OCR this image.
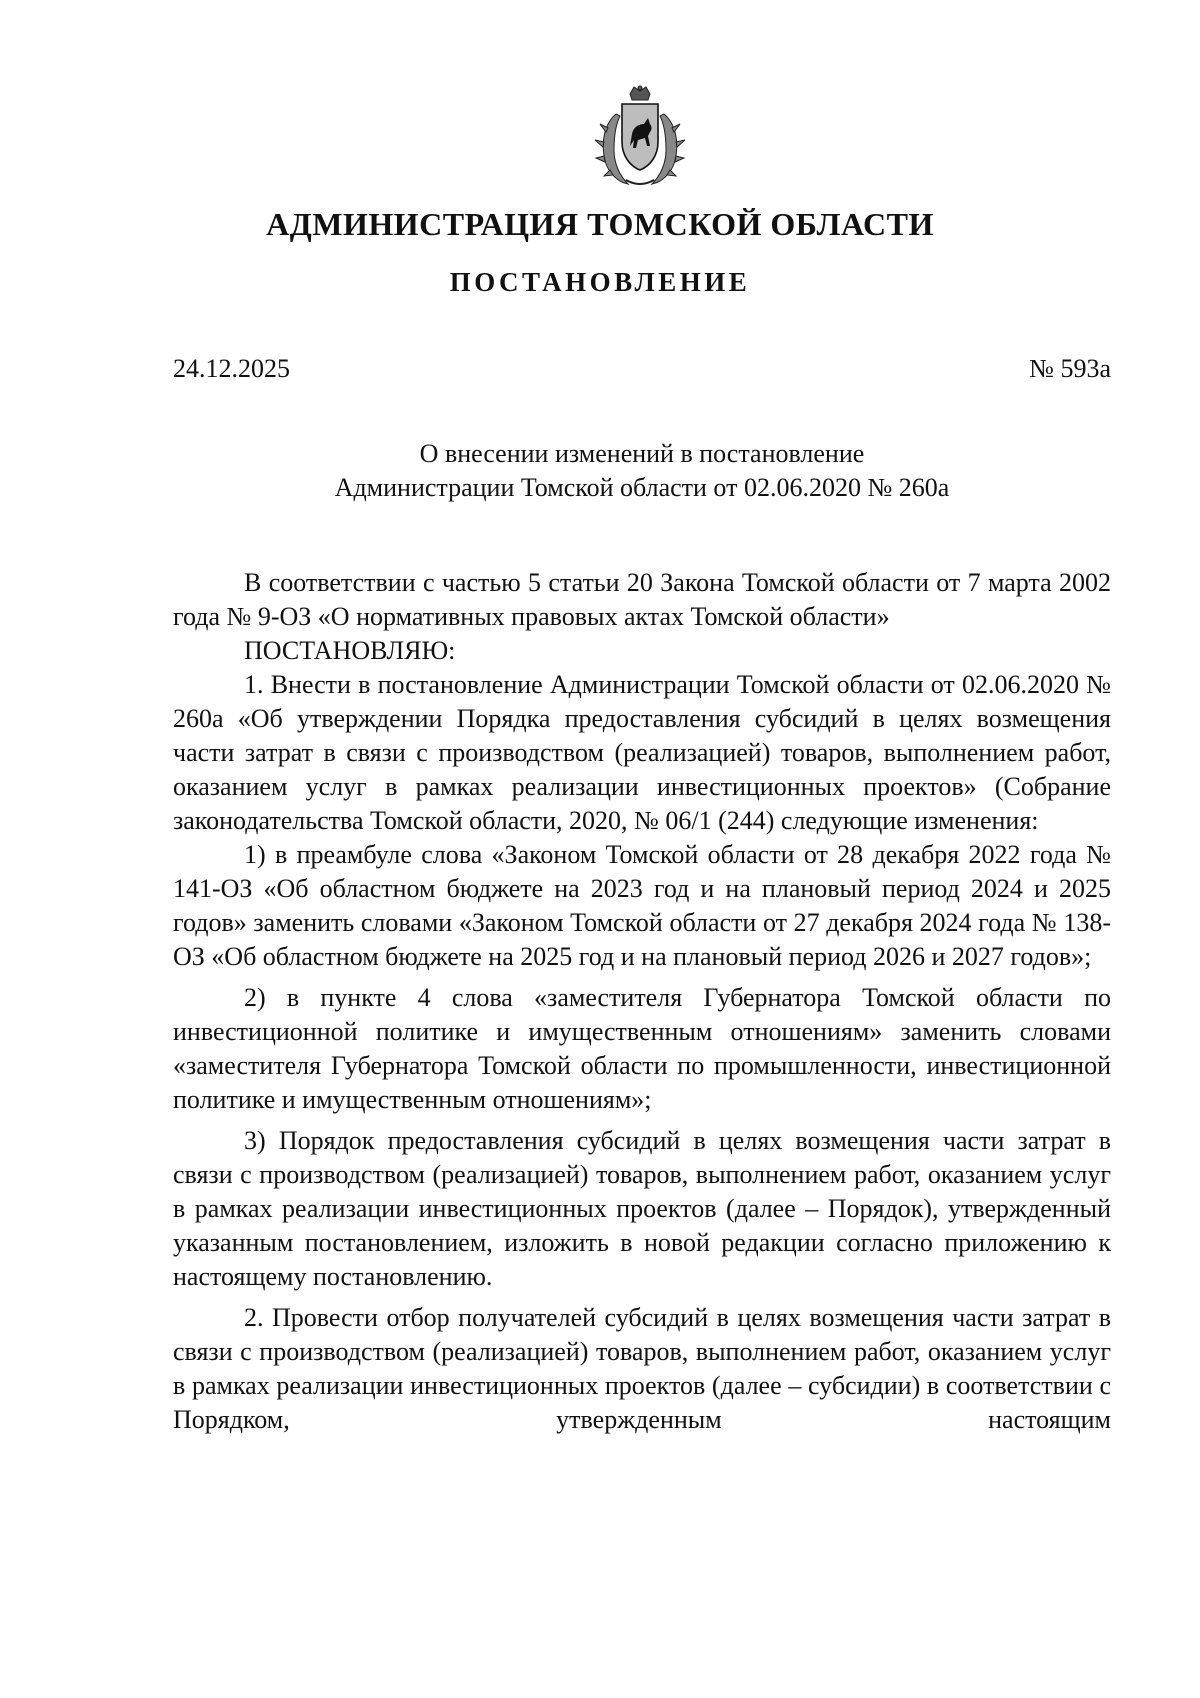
АДМИНИСТРАЦИЯ ТОМСКОЙ ОБЛАСТИ
ПОСТАНОВЛЕНИЕ
24.12.2025	№ 593а
О внесении изменений в постановление
Администрации Томской области от 02.06.2020 № 260а

В соответствии с частью 5 статьи 20 Закона Томской области от 7 марта 2002 года № 9-ОЗ «О нормативных правовых актах Томской области»

ПОСТАНОВЛЯЮ:

1. Внести в постановление Администрации Томской области от 02.06.2020 № 260а «Об утверждении Порядка предоставления субсидий в целях возмещения части затрат в связи с производством (реализацией) товаров, выполнением работ, оказанием услуг в рамках реализации инвестиционных проектов» (Собрание законодательства Томской области, 2020, № 06/1 (244) следующие изменения:

1) в преамбуле слова «Законом Томской области от 28 декабря 2022 года № 141-ОЗ «Об областном бюджете на 2023 год и на плановый период 2024 и 2025 годов» заменить словами «Законом Томской области от 27 декабря 2024 года № 138-ОЗ «Об областном бюджете на 2025 год и на плановый период 2026 и 2027 годов»;

2) в пункте 4 слова «заместителя Губернатора Томской области по инвестиционной политике и имущественным отношениям» заменить словами «заместителя Губернатора Томской области по промышленности, инвестиционной политике и имущественным отношениям»;

3) Порядок предоставления субсидий в целях возмещения части затрат в связи с производством (реализацией) товаров, выполнением работ, оказанием услуг в рамках реализации инвестиционных проектов (далее – Порядок), утвержденный указанным постановлением, изложить в новой редакции согласно приложению к настоящему постановлению.

2. Провести отбор получателей субсидий в целях возмещения части затрат в связи с производством (реализацией) товаров, выполнением работ, оказанием услуг в рамках реализации инвестиционных проектов (далее – субсидии) в соответствии с Порядком, утвержденным настоящим
